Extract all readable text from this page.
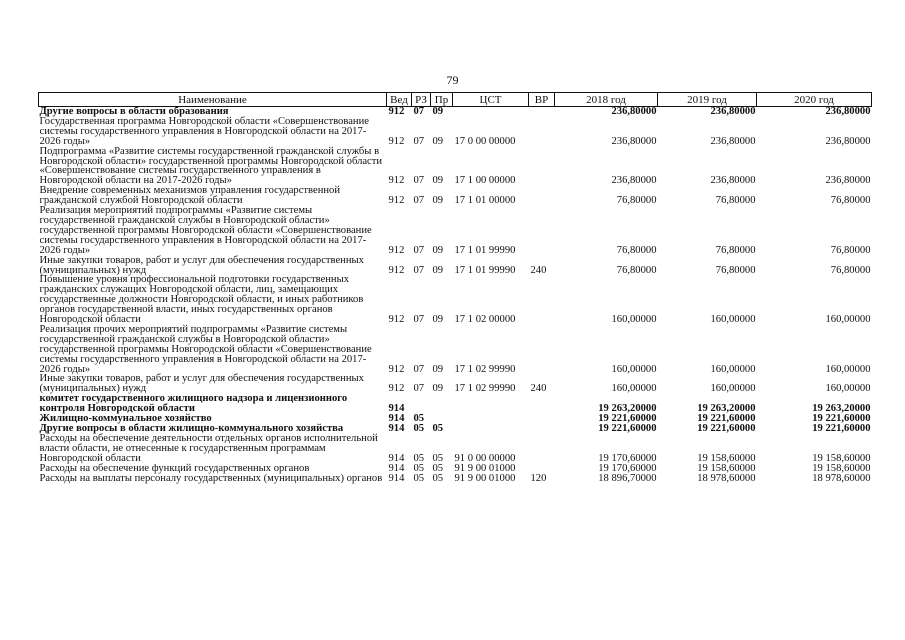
79
Наименование	Вед	РЗ	Пр	ЦСТ	ВР	2018 год	2019 год	2020 год
Другие вопросы в области образования	912	07	09			236,80000	236,80000	236,80000
Государственная программа Новгородской области «Совершенствование системы государственного управления в Новгородской области на 2017-2026 годы»	912	07	09	17 0 00 00000		236,80000	236,80000	236,80000
Подпрограмма «Развитие системы государственной гражданской службы в Новгородской области» государственной программы Новгородской области «Совершенствование системы государственного управления в Новгородской области на 2017-2026 годы»	912	07	09	17 1 00 00000		236,80000	236,80000	236,80000
Внедрение современных механизмов управления государственной гражданской службой Новгородской области	912	07	09	17 1 01 00000		76,80000	76,80000	76,80000
Реализация мероприятий подпрограммы «Развитие системы государственной гражданской службы в Новгородской области» государственной программы Новгородской области «Совершенствование системы государственного управления в Новгородской области на 2017-2026 годы»	912	07	09	17 1 01 99990		76,80000	76,80000	76,80000
Иные закупки товаров, работ и услуг для обеспечения государственных (муниципальных) нужд	912	07	09	17 1 01 99990	240	76,80000	76,80000	76,80000
Повышение уровня профессиональной подготовки государственных гражданских служащих Новгородской области, лиц, замещающих государственные должности Новгородской области, и иных работников органов государственной власти, иных государственных органов Новгородской области	912	07	09	17 1 02 00000		160,00000	160,00000	160,00000
Реализация прочих мероприятий подпрограммы «Развитие системы государственной гражданской службы в Новгородской области» государственной программы Новгородской области «Совершенствование системы государственного управления в Новгородской области на 2017-2026 годы»	912	07	09	17 1 02 99990		160,00000	160,00000	160,00000
Иные закупки товаров, работ и услуг для обеспечения государственных (муниципальных) нужд	912	07	09	17 1 02 99990	240	160,00000	160,00000	160,00000
комитет государственного жилищного надзора и лицензионного контроля Новгородской области	914					19 263,20000	19 263,20000	19 263,20000
Жилищно-коммунальное хозяйство	914	05				19 221,60000	19 221,60000	19 221,60000
Другие вопросы в области жилищно-коммунального хозяйства	914	05	05			19 221,60000	19 221,60000	19 221,60000
Расходы на обеспечение деятельности отдельных органов исполнительной власти области, не отнесенные к государственным программам Новгородской области	914	05	05	91 0 00 00000		19 170,60000	19 158,60000	19 158,60000
Расходы на обеспечение функций государственных органов	914	05	05	91 9 00 01000		19 170,60000	19 158,60000	19 158,60000
Расходы на выплаты персоналу государственных (муниципальных) органов	914	05	05	91 9 00 01000	120	18 896,70000	18 978,60000	18 978,60000
